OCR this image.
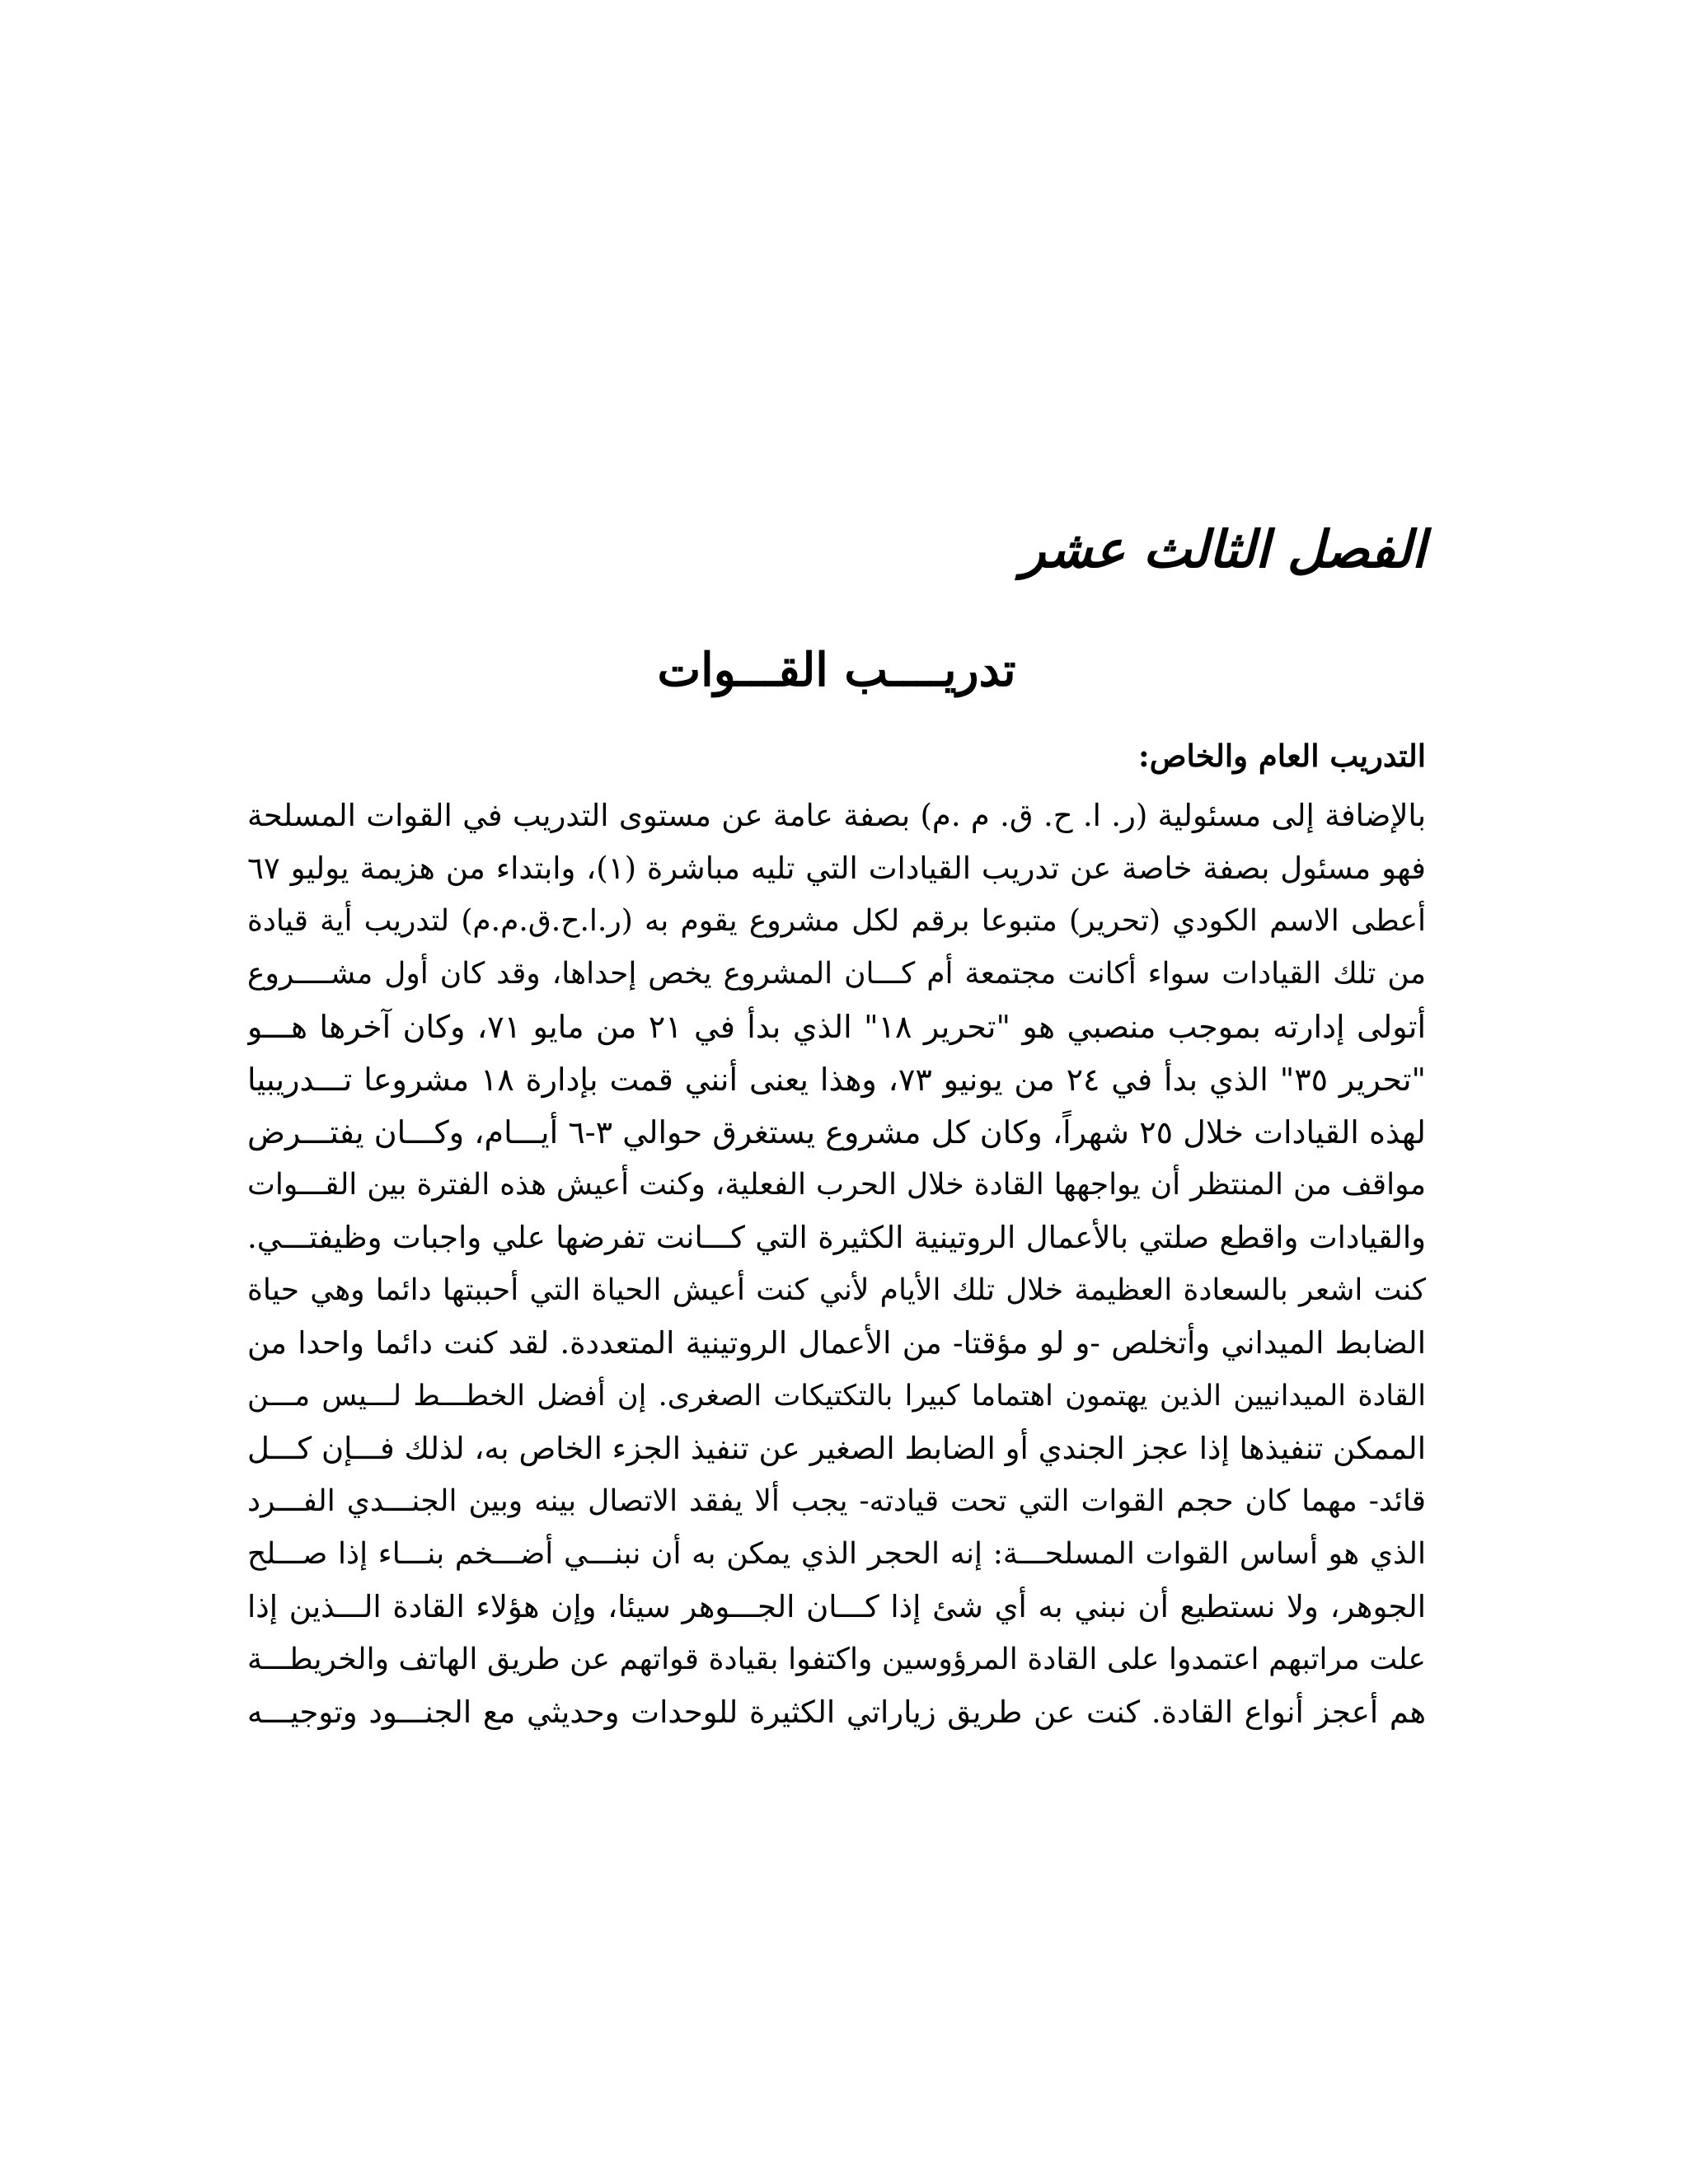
الفصل الثالث عشر
تدريــــب القـــوات
التدريب العام والخاص:
بالإضافة إلى مسئولية (ر. ا. ح. ق. م .م) بصفة عامة عن مستوى التدريب في القوات المسلحة
فهو مسئول بصفة خاصة عن تدريب القيادات التي تليه مباشرة (١)، وابتداء من هزيمة يوليو ٦٧
أعطى الاسم الكودي (تحرير) متبوعا برقم لكل مشروع يقوم به (ر.ا.ح.ق.م.م) لتدريب أية قيادة
من تلك القيادات سواء أكانت مجتمعة أم كـــان المشروع يخص إحداها، وقد كان أول مشــــروع
أتولى إدارته بموجب منصبي هو "تحرير ١٨" الذي بدأ في ٢١ من مايو ٧١، وكان آخرها هـــو
"تحرير ٣٥" الذي بدأ في ٢٤ من يونيو ٧٣، وهذا يعنى أنني قمت بإدارة ١٨ مشروعا تـــدريبيا
لهذه القيادات خلال ٢٥ شهراً، وكان كل مشروع يستغرق حوالي ٣-٦ أيـــام، وكـــان يفتـــرض
مواقف من المنتظر أن يواجهها القادة خلال الحرب الفعلية، وكنت أعيش هذه الفترة بين القـــوات
والقيادات واقطع صلتي بالأعمال الروتينية الكثيرة التي كـــانت تفرضها علي واجبات وظيفتـــي.
كنت اشعر بالسعادة العظيمة خلال تلك الأيام لأني كنت أعيش الحياة التي أحببتها دائما وهي حياة
الضابط الميداني وأتخلص -و لو مؤقتا- من الأعمال الروتينية المتعددة. لقد كنت دائما واحدا من
القادة الميدانيين الذين يهتمون اهتماما كبيرا بالتكتيكات الصغرى. إن أفضل الخطـــط لـــيس مـــن
الممكن تنفيذها إذا عجز الجندي أو الضابط الصغير عن تنفيذ الجزء الخاص به، لذلك فـــإن كـــل
قائد- مهما كان حجم القوات التي تحت قيادته- يجب ألا يفقد الاتصال بينه وبين الجنـــدي الفـــرد
الذي هو أساس القوات المسلحـــة: إنه الحجر الذي يمكن به أن نبنـــي أضـــخم بنـــاء إذا صـــلح
الجوهر، ولا نستطيع أن نبني به أي شئ إذا كـــان الجـــوهر سيئا، وإن هؤلاء القادة الـــذين إذا
علت مراتبهم اعتمدوا على القادة المرؤوسين واكتفوا بقيادة قواتهم عن طريق الهاتف والخريطـــة
هم أعجز أنواع القادة. كنت عن طريق زياراتي الكثيرة للوحدات وحديثي مع الجنـــود وتوجيـــه
